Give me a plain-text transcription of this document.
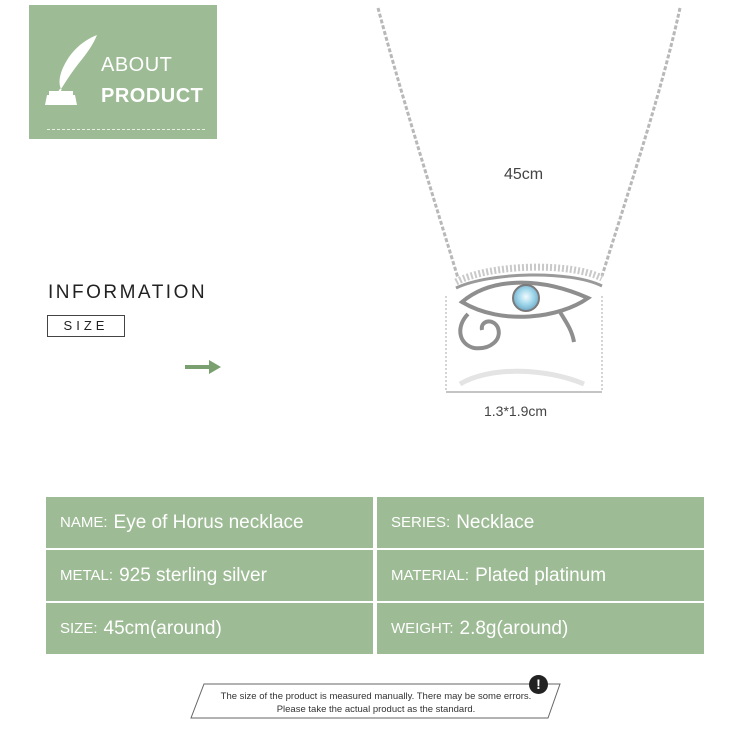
ABOUT
PRODUCT
INFORMATION
SIZE
45cm
1.3*1.9cm
NAME: Eye of Horus necklace	SERIES: Necklace
METAL: 925 sterling silver	MATERIAL: Plated platinum
SIZE: 45cm(around)	WEIGHT: 2.8g(around)
The size of the product is measured manually. There may be some errors.
Please take the actual product as the standard.
!
